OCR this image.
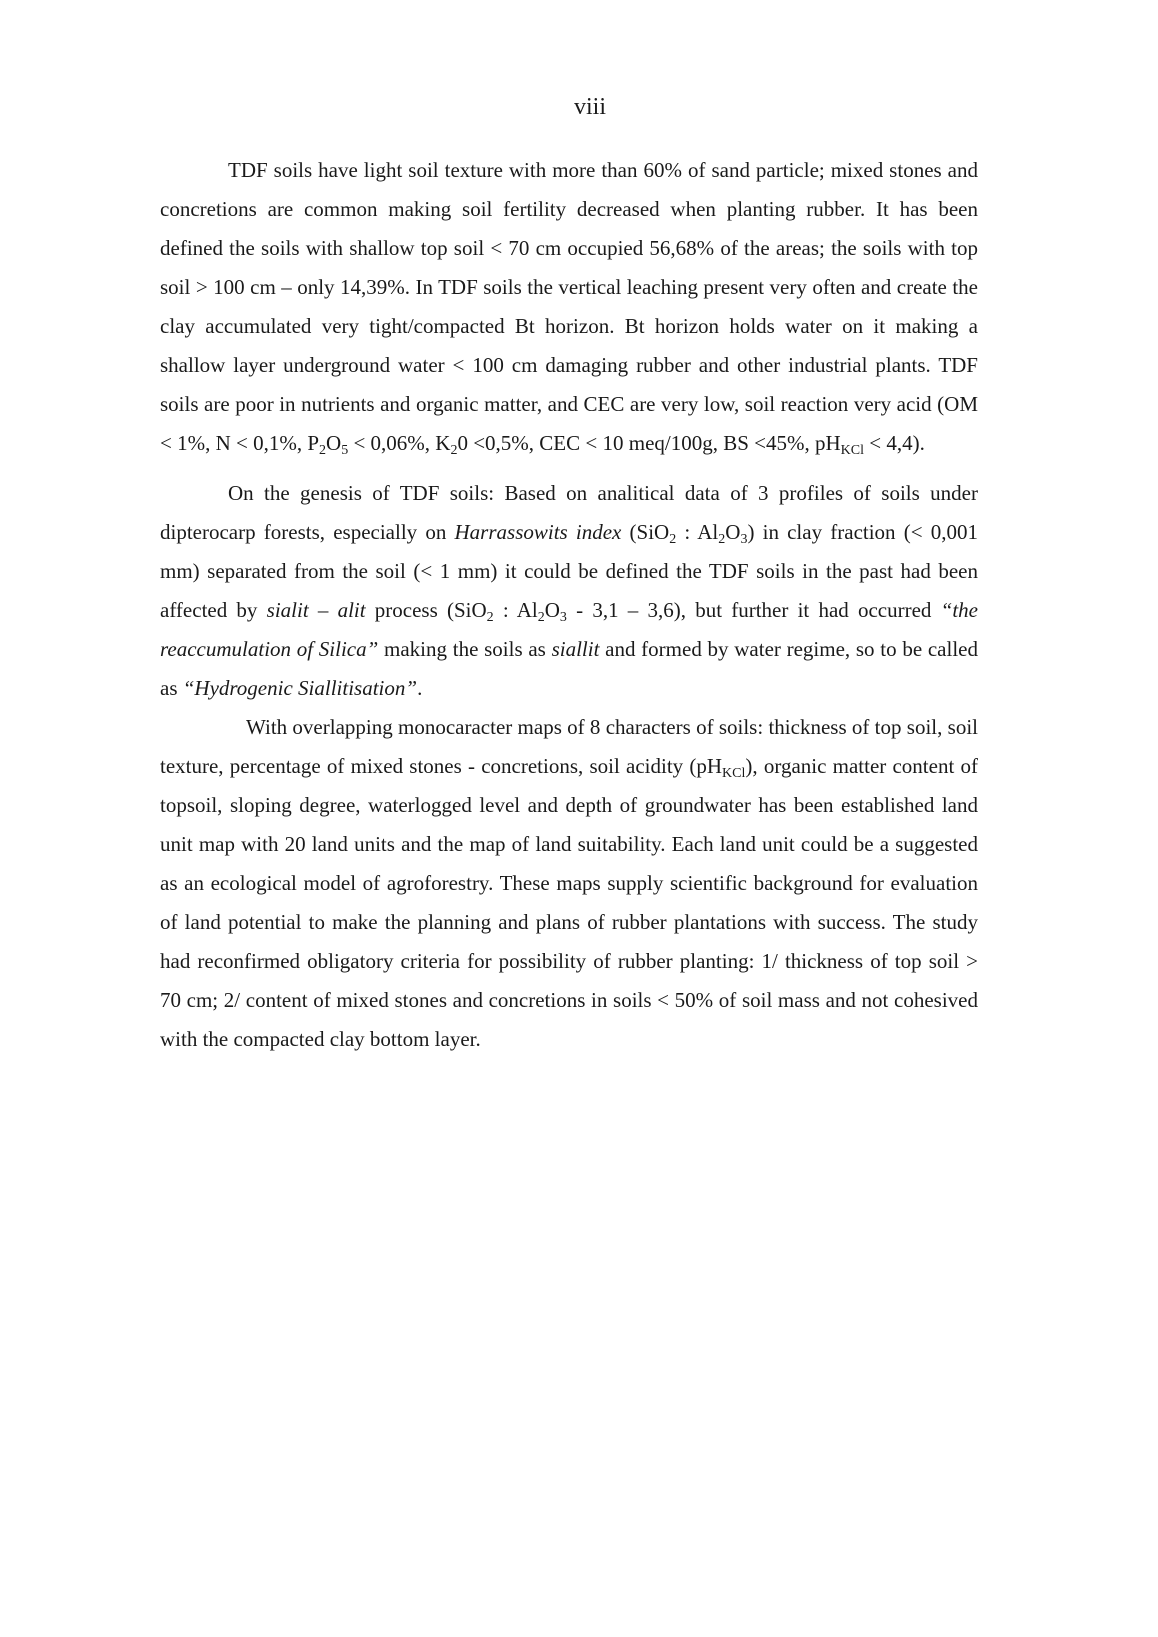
viii

TDF soils have light soil texture with more than 60% of sand particle; mixed stones and concretions are common making soil fertility decreased when planting rubber. It has been defined the soils with shallow top soil < 70 cm occupied 56,68% of the areas; the soils with top soil > 100 cm – only 14,39%. In TDF soils the vertical leaching present very often and create the clay accumulated very tight/compacted Bt horizon. Bt horizon holds water on it making a shallow layer underground water < 100 cm damaging rubber and other industrial plants. TDF soils are poor in nutrients and organic matter, and CEC are very low, soil reaction very acid (OM < 1%, N < 0,1%, $P_2O_5 < 0,06\%$, $K_20 <0,5\%$, CEC < 10 meq/100g, BS <45%, $pH_{KCl} < 4,4$).

On the genesis of TDF soils: Based on analitical data of 3 profiles of soils under dipterocarp forests, especially on Harrassowits index (SiO$_2$ : $Al_2O_3$) in clay fraction (< 0,001 mm) separated from the soil (< 1 mm) it could be defined the TDF soils in the past had been affected by sialit – alit process (SiO$_2$ : $Al_2O_3 - 3,1 - 3,6$), but further it had occurred “the reaccumulation of Silica” making the soils as siallit and formed by water regime, so to be called as “Hydrogenic Siallitisation”.

With overlapping monocaracter maps of 8 characters of soils: thickness of top soil, soil texture, percentage of mixed stones - concretions, soil acidity $(pH_{KCl})$, organic matter content of topsoil, sloping degree, waterlogged level and depth of groundwater has been established land unit map with 20 land units and the map of land suitability. Each land unit could be a suggested as an ecological model of agroforestry. These maps supply scientific background for evaluation of land potential to make the planning and plans of rubber plantations with success. The study had reconfirmed obligatory criteria for possibility of rubber planting: 1/ thickness of top soil > 70 cm; 2/ content of mixed stones and concretions in soils < 50% of soil mass and not cohesived with the compacted clay bottom layer.
